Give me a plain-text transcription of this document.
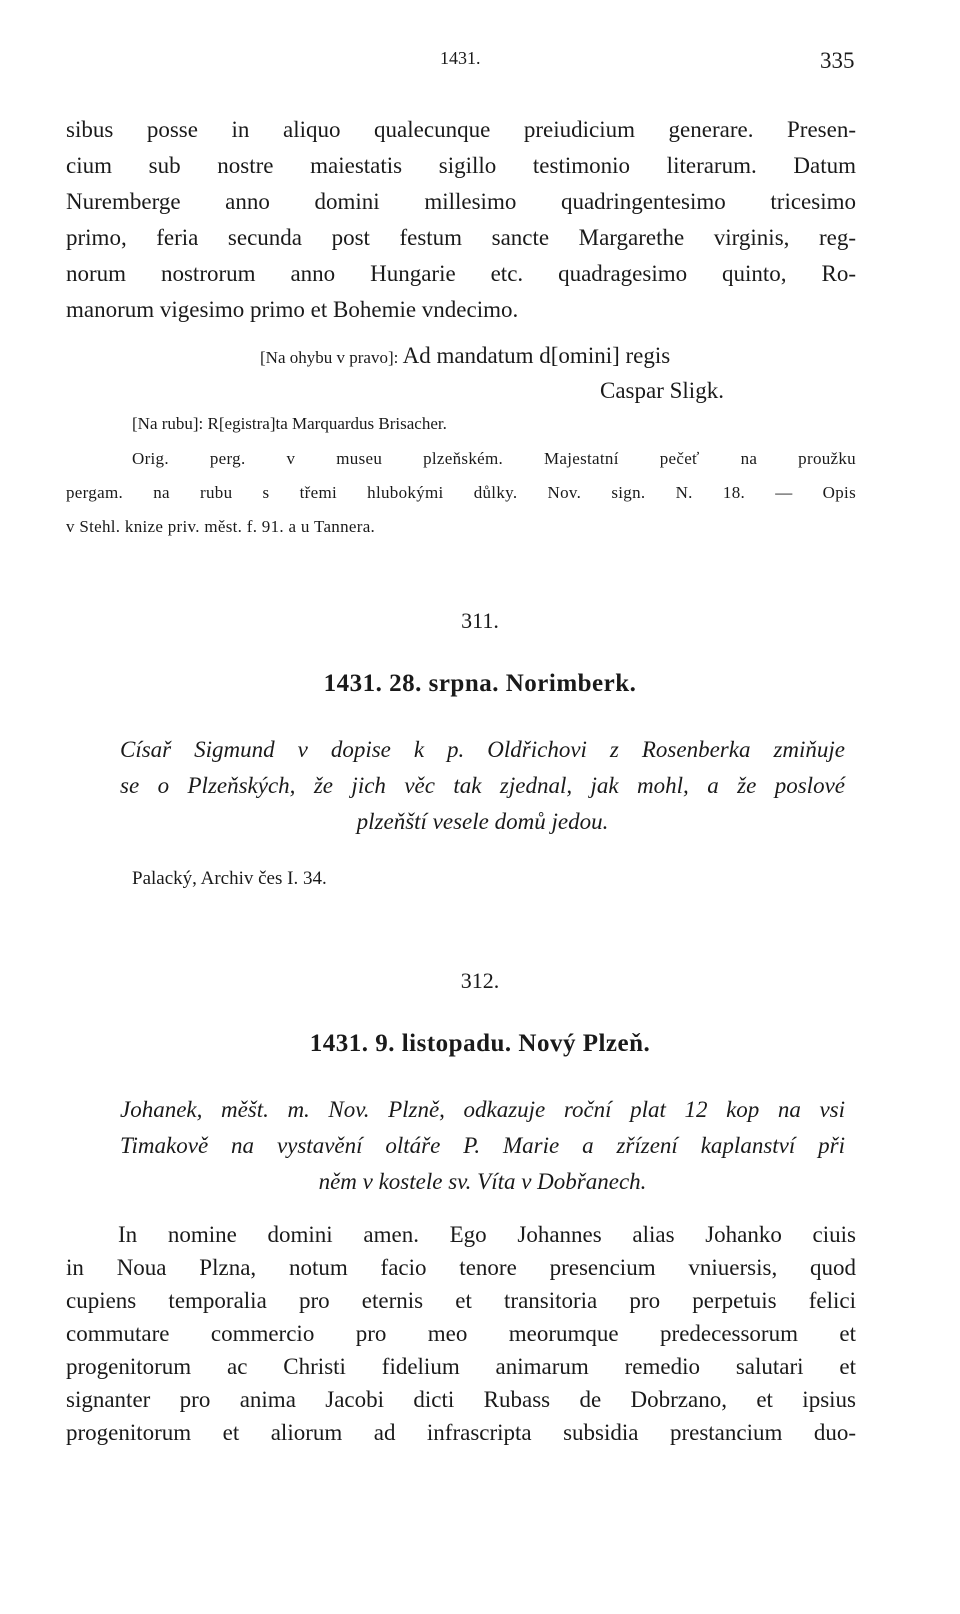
1431.	335
sibus posse in aliquo qualecunque preiudicium generare. Presen-
cium sub nostre maiestatis sigillo testimonio literarum. Datum
Nuremberge anno domini millesimo quadringentesimo tricesimo
primo, feria secunda post festum sancte Margarethe virginis, reg-
norum nostrorum anno Hungarie etc. quadragesimo quinto, Ro-
manorum vigesimo primo et Bohemie vndecimo.
[Na ohybu v pravo]: Ad mandatum d[omini] regis
Caspar Sligk.
[Na rubu]: R[egistra]ta Marquardus Brisacher.
Orig. perg. v museu plzeňském. Majestatní pečeť na proužku
pergam. na rubu s třemi hlubokými důlky. Nov. sign. N. 18. — Opis
v Stehl. knize priv. měst. f. 91. a u Tannera.
311.
1431. 28. srpna. Norimberk.
Císař Sigmund v dopise k p. Oldřichovi z Rosenberka zmiňuje
se o Plzeňských, že jich věc tak zjednal, jak mohl, a že poslové
plzeňští vesele domů jedou.
Palacký, Archiv čes I. 34.
312.
1431. 9. listopadu. Nový Plzeň.
Johanek, měšt. m. Nov. Plzně, odkazuje roční plat 12 kop na vsi
Timakově na vystavění oltáře P. Marie a zřízení kaplanství při
něm v kostele sv. Víta v Dobřanech.
In nomine domini amen. Ego Johannes alias Johanko ciuis
in Noua Plzna, notum facio tenore presencium vniuersis, quod
cupiens temporalia pro eternis et transitoria pro perpetuis felici
commutare commercio pro meo meorumque predecessorum et
progenitorum ac Christi fidelium animarum remedio salutari et
signanter pro anima Jacobi dicti Rubass de Dobrzano, et ipsius
progenitorum et aliorum ad infrascripta subsidia prestancium duo-
